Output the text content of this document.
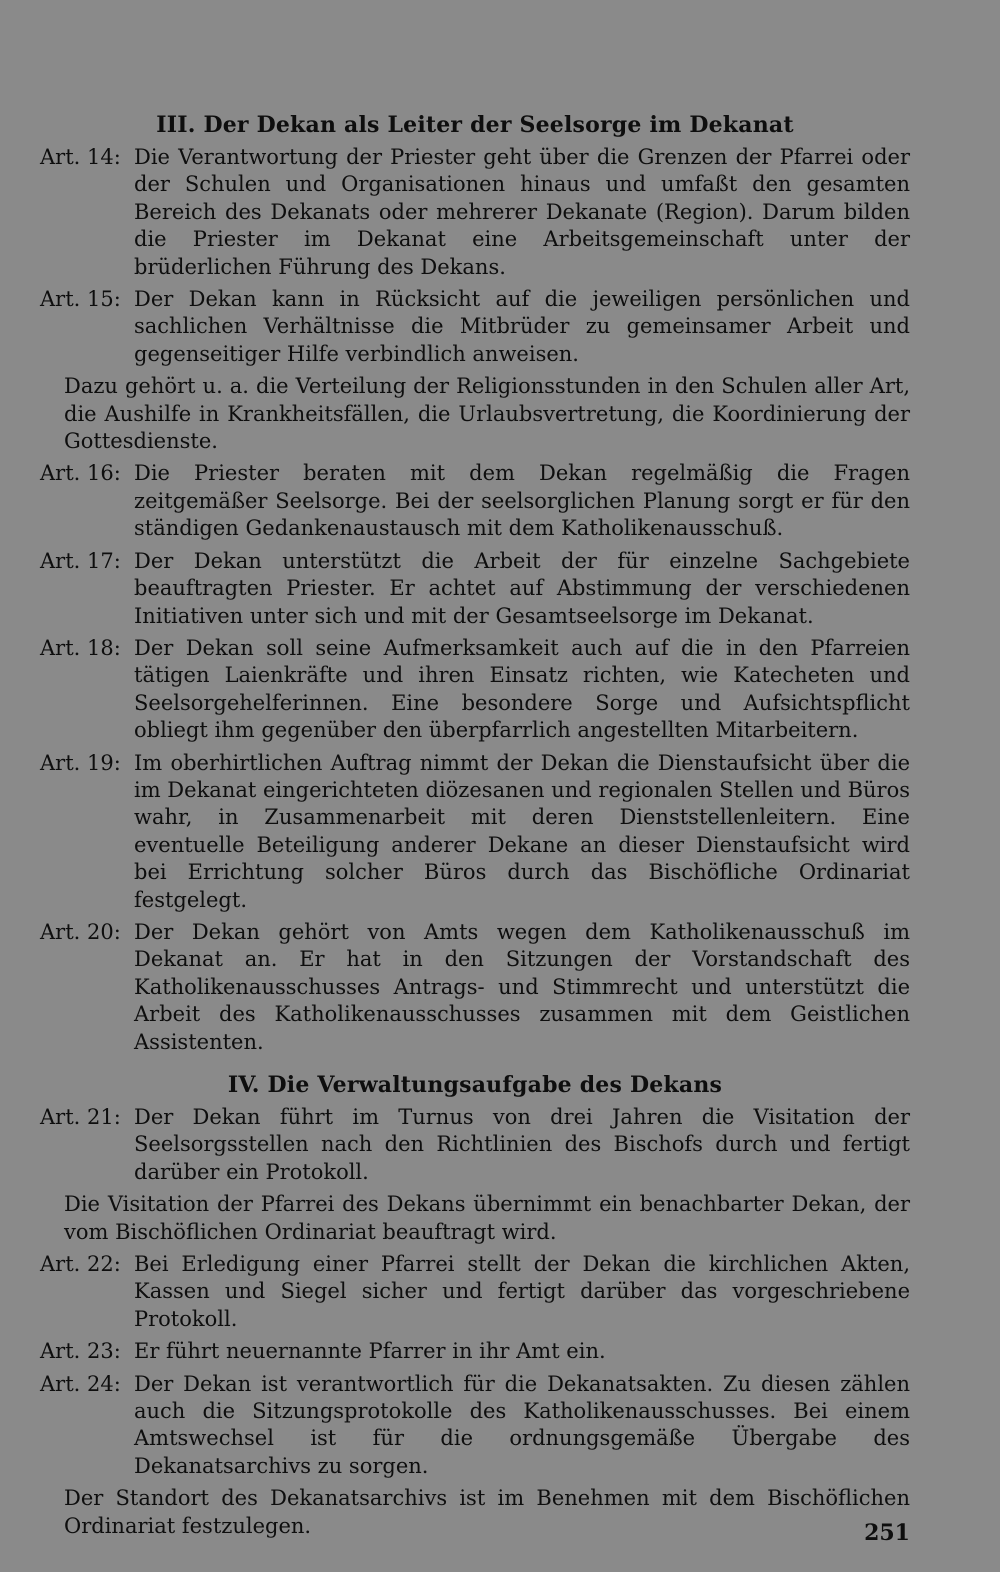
III. Der Dekan als Leiter der Seelsorge im Dekanat
Art. 14: Die Verantwortung der Priester geht über die Grenzen der Pfarrei oder der Schulen und Organisationen hinaus und umfaßt den gesamten Bereich des Dekanats oder mehrerer Dekanate (Region). Darum bilden die Priester im Dekanat eine Arbeitsgemeinschaft unter der brüderlichen Führung des Dekans.
Art. 15: Der Dekan kann in Rücksicht auf die jeweiligen persönlichen und sachlichen Verhältnisse die Mitbrüder zu gemeinsamer Arbeit und gegenseitiger Hilfe verbindlich anweisen.
Dazu gehört u. a. die Verteilung der Religionsstunden in den Schulen aller Art, die Aushilfe in Krankheitsfällen, die Urlaubsvertretung, die Koordinierung der Gottesdienste.
Art. 16: Die Priester beraten mit dem Dekan regelmäßig die Fragen zeitgemäßer Seelsorge. Bei der seelsorglichen Planung sorgt er für den ständigen Gedankenaustausch mit dem Katholikenausschuß.
Art. 17: Der Dekan unterstützt die Arbeit der für einzelne Sachgebiete beauftragten Priester. Er achtet auf Abstimmung der verschiedenen Initiativen unter sich und mit der Gesamtseelsorge im Dekanat.
Art. 18: Der Dekan soll seine Aufmerksamkeit auch auf die in den Pfarreien tätigen Laienkräfte und ihren Einsatz richten, wie Katecheten und Seelsorgehelferinnen. Eine besondere Sorge und Aufsichtspflicht obliegt ihm gegenüber den überpfarrlich angestellten Mitarbeitern.
Art. 19: Im oberhirtlichen Auftrag nimmt der Dekan die Dienstaufsicht über die im Dekanat eingerichteten diözesanen und regionalen Stellen und Büros wahr, in Zusammenarbeit mit deren Dienststellenleitern. Eine eventuelle Beteiligung anderer Dekane an dieser Dienstaufsicht wird bei Errichtung solcher Büros durch das Bischöfliche Ordinariat festgelegt.
Art. 20: Der Dekan gehört von Amts wegen dem Katholikenausschuß im Dekanat an. Er hat in den Sitzungen der Vorstandschaft des Katholikenausschusses Antrags- und Stimmrecht und unterstützt die Arbeit des Katholikenausschusses zusammen mit dem Geistlichen Assistenten.
IV. Die Verwaltungsaufgabe des Dekans
Art. 21: Der Dekan führt im Turnus von drei Jahren die Visitation der Seelsorgsstellen nach den Richtlinien des Bischofs durch und fertigt darüber ein Protokoll.
Die Visitation der Pfarrei des Dekans übernimmt ein benachbarter Dekan, der vom Bischöflichen Ordinariat beauftragt wird.
Art. 22: Bei Erledigung einer Pfarrei stellt der Dekan die kirchlichen Akten, Kassen und Siegel sicher und fertigt darüber das vorgeschriebene Protokoll.
Art. 23: Er führt neuernannte Pfarrer in ihr Amt ein.
Art. 24: Der Dekan ist verantwortlich für die Dekanatsakten. Zu diesen zählen auch die Sitzungsprotokolle des Katholikenausschusses. Bei einem Amtswechsel ist für die ordnungsgemäße Übergabe des Dekanatsarchivs zu sorgen.
Der Standort des Dekanatsarchivs ist im Benehmen mit dem Bischöflichen Ordinariat festzulegen.	251
